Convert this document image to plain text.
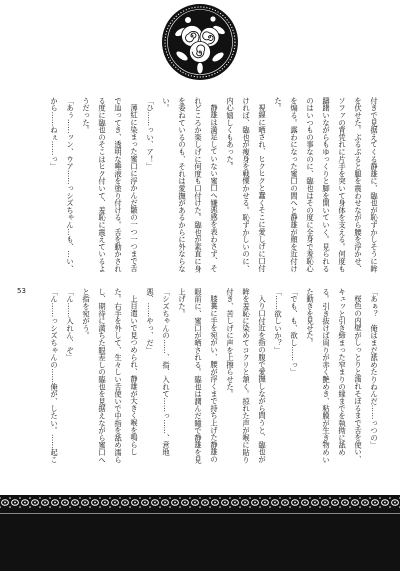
付きで見据えてくる静雄に、臨也が恥ずかしそうに眸を伏せた。ぶるぶると腿を震わせながら腰を浮かせ、ソファの背凭れに片手を突いて身体を支える。何度も躊躇いながらもゆっくりと脚を開いていく。見られるのはいつもの事なのに、臨也はその度に全身で羞恥心を煽る。露わになった蜜口の間へと静雄が顔を近付けた。

視線に晒され、ヒクヒクと蠢くそこに愛しげに口付ければ、臨也が痩身を戦慄かせる。恥ずかしいのに、内心嬉しくもあった。

静雄は満足していない蜜口へ嫌悪感を表わさず、それどころか楽しげに何度も口付けた。臨也が素直に身を委ねているのも、それは愛撫があるからに外ならない。

「ひ……っい、ア！」

薄紅に染まった蜜口に浮かんだ皺の一つ一つまで舌で辿ってき、透明な唾液を塗り付ける。舌を動かされる度に臨也のそこはヒク付いて、羞恥に震えているようだった。

「あぅ……ッン、ウア……っシズちゃん…も、…い、から……ねぇ……っ」

53	「あぁ？　俺はまだ舐めたりねんだ……っつの」

桜色の内壁がしっとりと濡れそぼるまで舌を使い、キュッと引き締まった窄まりの縁までを執拗に舐める。引き抜けば周りが赤く艶めき、粘膜が生き物めいた動きを見せた。

「でも、も、欲し……っ」

「……欲しいか？」

入り口付近を指の腹で愛撫しながら問うと、臨也が眸を羞恥に染めてコクリと頷く。掠れた声が喉に貼り付き、苦しげに声を上擦らせた。

膝裏に手を宛がい、腰が浮くまで持ち上げた静雄の眼前に、蜜口が晒される。臨也は潤んだ瞳で静雄を見上げた。

「シズちゃんの……、指、入れて……っ……、意地悪、……やっ、だ」

上目遣いで見つめられ、静雄が大きく喉を鳴らした。右手を外して、生々しい舌使いで中指を舐め濡らし、期待に満ちた眼差しの臨也を見据えながら蜜口へと指を宛がう。

「ん……入れん、ぞ」

「ん……っシズちゃんの……俺が、したい。……起こ
